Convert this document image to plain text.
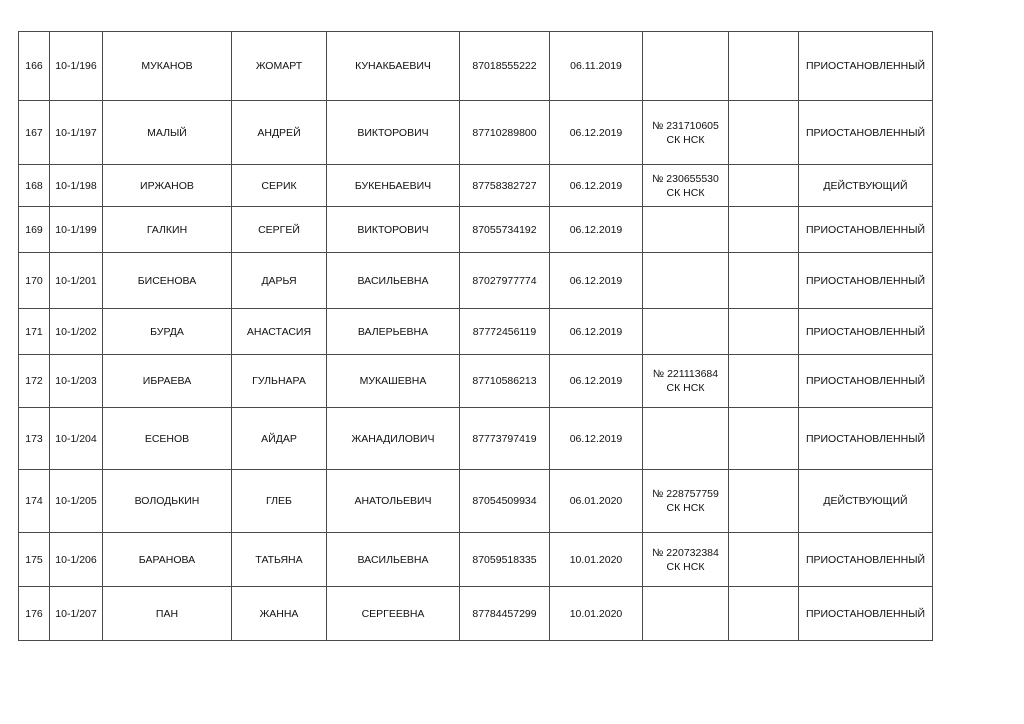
166	10-1/196	МУКАНОВ	ЖОМАРТ	КУНАКБАЕВИЧ	87018555222	06.11.2019			ПРИОСТАНОВЛЕННЫЙ
167	10-1/197	МАЛЫЙ	АНДРЕЙ	ВИКТОРОВИЧ	87710289800	06.12.2019	№ 231710605
СК НСК		ПРИОСТАНОВЛЕННЫЙ
168	10-1/198	ИРЖАНОВ	СЕРИК	БУКЕНБАЕВИЧ	87758382727	06.12.2019	№ 230655530
СК НСК		ДЕЙСТВУЮЩИЙ
169	10-1/199	ГАЛКИН	СЕРГЕЙ	ВИКТОРОВИЧ	87055734192	06.12.2019			ПРИОСТАНОВЛЕННЫЙ
170	10-1/201	БИСЕНОВА	ДАРЬЯ	ВАСИЛЬЕВНА	87027977774	06.12.2019			ПРИОСТАНОВЛЕННЫЙ
171	10-1/202	БУРДА	АНАСТАСИЯ	ВАЛЕРЬЕВНА	87772456119	06.12.2019			ПРИОСТАНОВЛЕННЫЙ
172	10-1/203	ИБРАЕВА	ГУЛЬНАРА	МУКАШЕВНА	87710586213	06.12.2019	№ 221113684
СК НСК		ПРИОСТАНОВЛЕННЫЙ
173	10-1/204	ЕСЕНОВ	АЙДАР	ЖАНАДИЛОВИЧ	87773797419	06.12.2019			ПРИОСТАНОВЛЕННЫЙ
174	10-1/205	ВОЛОДЬКИН	ГЛЕБ	АНАТОЛЬЕВИЧ	87054509934	06.01.2020	№ 228757759
СК НСК		ДЕЙСТВУЮЩИЙ
175	10-1/206	БАРАНОВА	ТАТЬЯНА	ВАСИЛЬЕВНА	87059518335	10.01.2020	№ 220732384
СК НСК		ПРИОСТАНОВЛЕННЫЙ
176	10-1/207	ПАН	ЖАННА	СЕРГЕЕВНА	87784457299	10.01.2020			ПРИОСТАНОВЛЕННЫЙ
